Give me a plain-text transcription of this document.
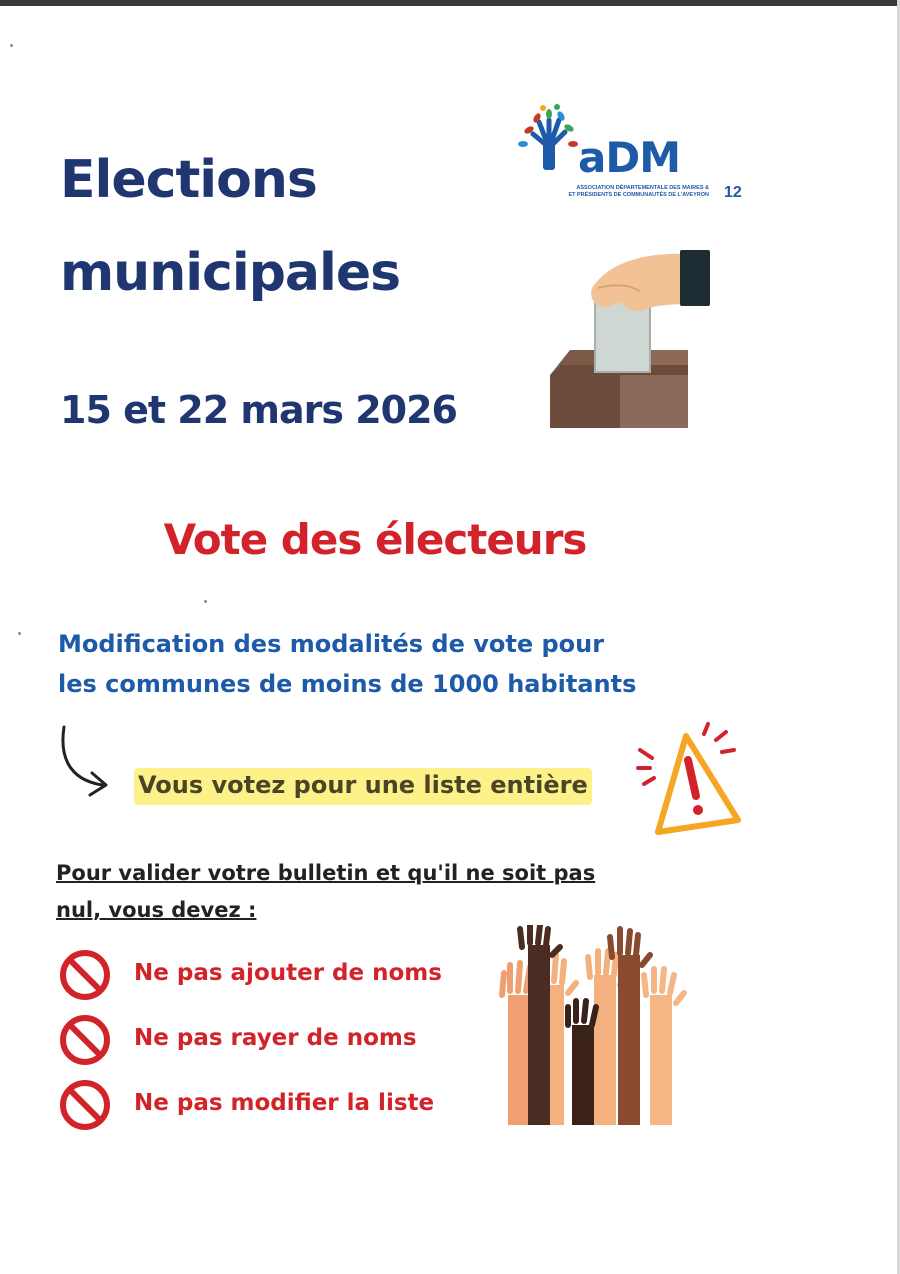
Elections
municipales
15 et 22 mars 2026
aDM
ASSOCIATION DÉPARTEMENTALE DES MAIRES &
ET PRÉSIDENTS DE COMMUNAUTÉS DE L'AVEYRON 12
Vote des électeurs

Modification des modalités de vote pour

les communes de moins de 1000 habitants

Vous votez pour une liste entière

Pour valider votre bulletin et qu'il ne soit pas nul, vous devez :

Ne pas ajouter de noms
Ne pas rayer de noms
Ne pas modifier la liste
